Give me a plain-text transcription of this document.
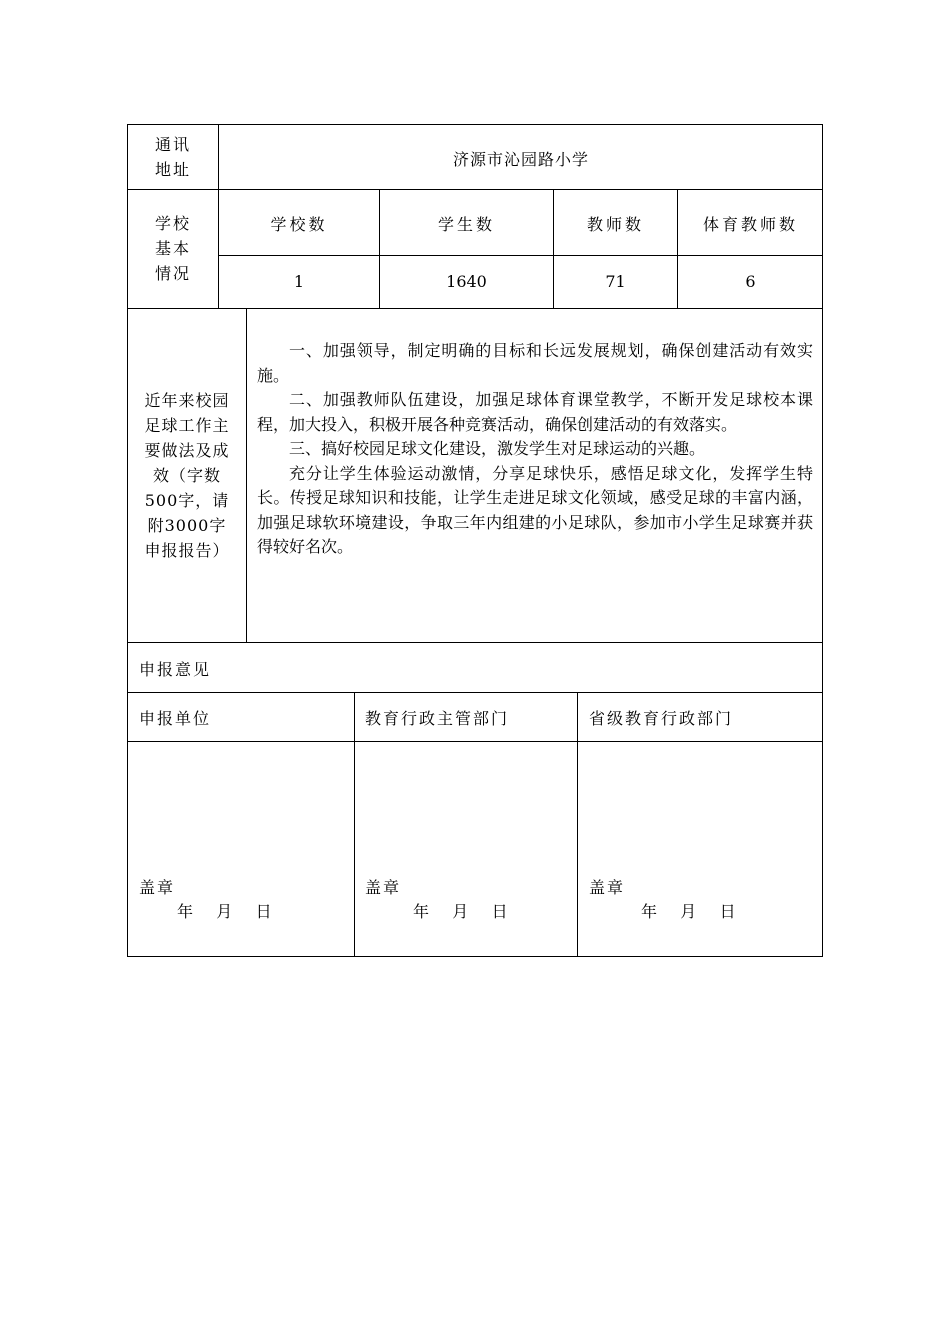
通讯
地址
济源市沁园路小学
学校
基本
情况
学校数	学生数	教师数	体育教师数
1	1640	71	6
近年来校园
足球工作主
要做法及成
效（字数
500字，请
附3000字
申报报告）

一、加强领导，制定明确的目标和长远发展规划，确保创建活动有效实施。

二、加强教师队伍建设，加强足球体育课堂教学，不断开发足球校本课程，加大投入，积极开展各种竞赛活动，确保创建活动的有效落实。

三、搞好校园足球文化建设，激发学生对足球运动的兴趣。

充分让学生体验运动激情，分享足球快乐，感悟足球文化，发挥学生特长。传授足球知识和技能，让学生走进足球文化领域，感受足球的丰富内涵，加强足球软环境建设，争取三年内组建的小足球队，参加市小学生足球赛并获得较好名次。

申报意见
申报单位	教育行政主管部门	省级教育行政部门
盖章
年 月 日
盖章
年 月 日
盖章
年 月 日
